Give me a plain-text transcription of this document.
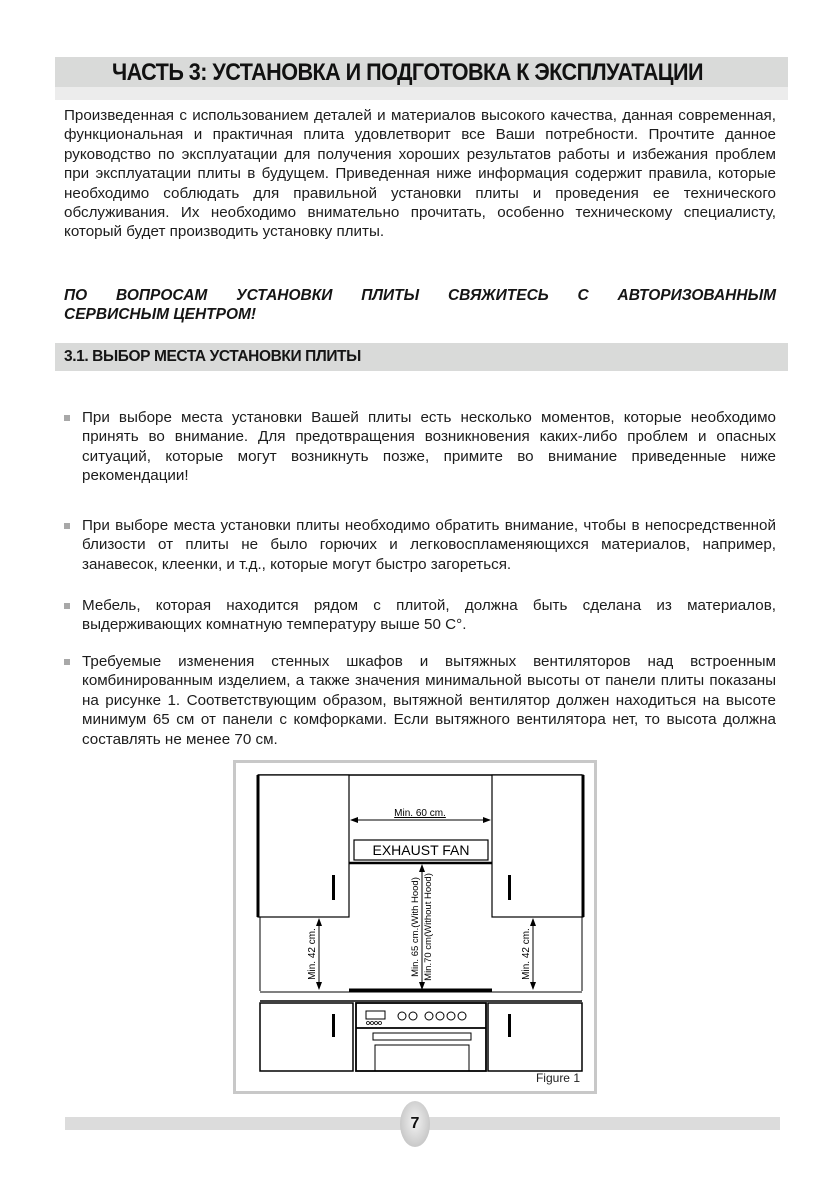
ЧАСТЬ 3: УСТАНОВКА И ПОДГОТОВКА К ЭКСПЛУАТАЦИИ

Произведенная с использованием деталей и материалов высокого качества, данная современная, функциональная и практичная плита удовлетворит все Ваши потребности. Прочтите данное руководство по эксплуатации для получения хороших результатов работы и избежания проблем при эксплуатации плиты в будущем. Приведенная ниже информация содержит правила, которые необходимо соблюдать для правильной установки плиты и проведения ее технического обслуживания. Их необходимо внимательно прочитать, особенно техническому специалисту, который будет производить установку плиты.

ПО ВОПРОСАМ УСТАНОВКИ ПЛИТЫ СВЯЖИТЕСЬ С АВТОРИЗОВАННЫМ
СЕРВИСНЫМ ЦЕНТРОМ!

3.1. ВЫБОР МЕСТА УСТАНОВКИ ПЛИТЫ

При выборе места установки Вашей плиты есть несколько моментов, которые необходимо принять во внимание. Для предотвращения возникновения каких-либо проблем и опасных ситуаций, которые могут возникнуть позже, примите во внимание приведенные ниже рекомендации!

При выборе места установки плиты необходимо обратить внимание, чтобы в непосредственной близости от плиты не было горючих и легковоспламеняющихся материалов, например, занавесок, клеенки, и т.д., которые могут быстро загореться.

Мебель, которая находится рядом с плитой, должна быть сделана из материалов, выдерживающих комнатную температуру выше 50 С°.

Требуемые изменения стенных шкафов и вытяжных вентиляторов над встроенным комбинированным изделием, а также значения минимальной высоты от панели плиты показаны на рисунке 1. Соответствующим образом, вытяжной вентилятор должен находиться на высоте минимум 65 см от панели с комфорками. Если вытяжного вентилятора нет, то высота должна составлять не менее 70 см.

Min. 60 cm.
EXHAUST FAN
Min. 42 cm.	Min. 42 cm.
Min. 65 cm.(With Hood) Min.70 cm(Without Hood)
Figure 1
7
